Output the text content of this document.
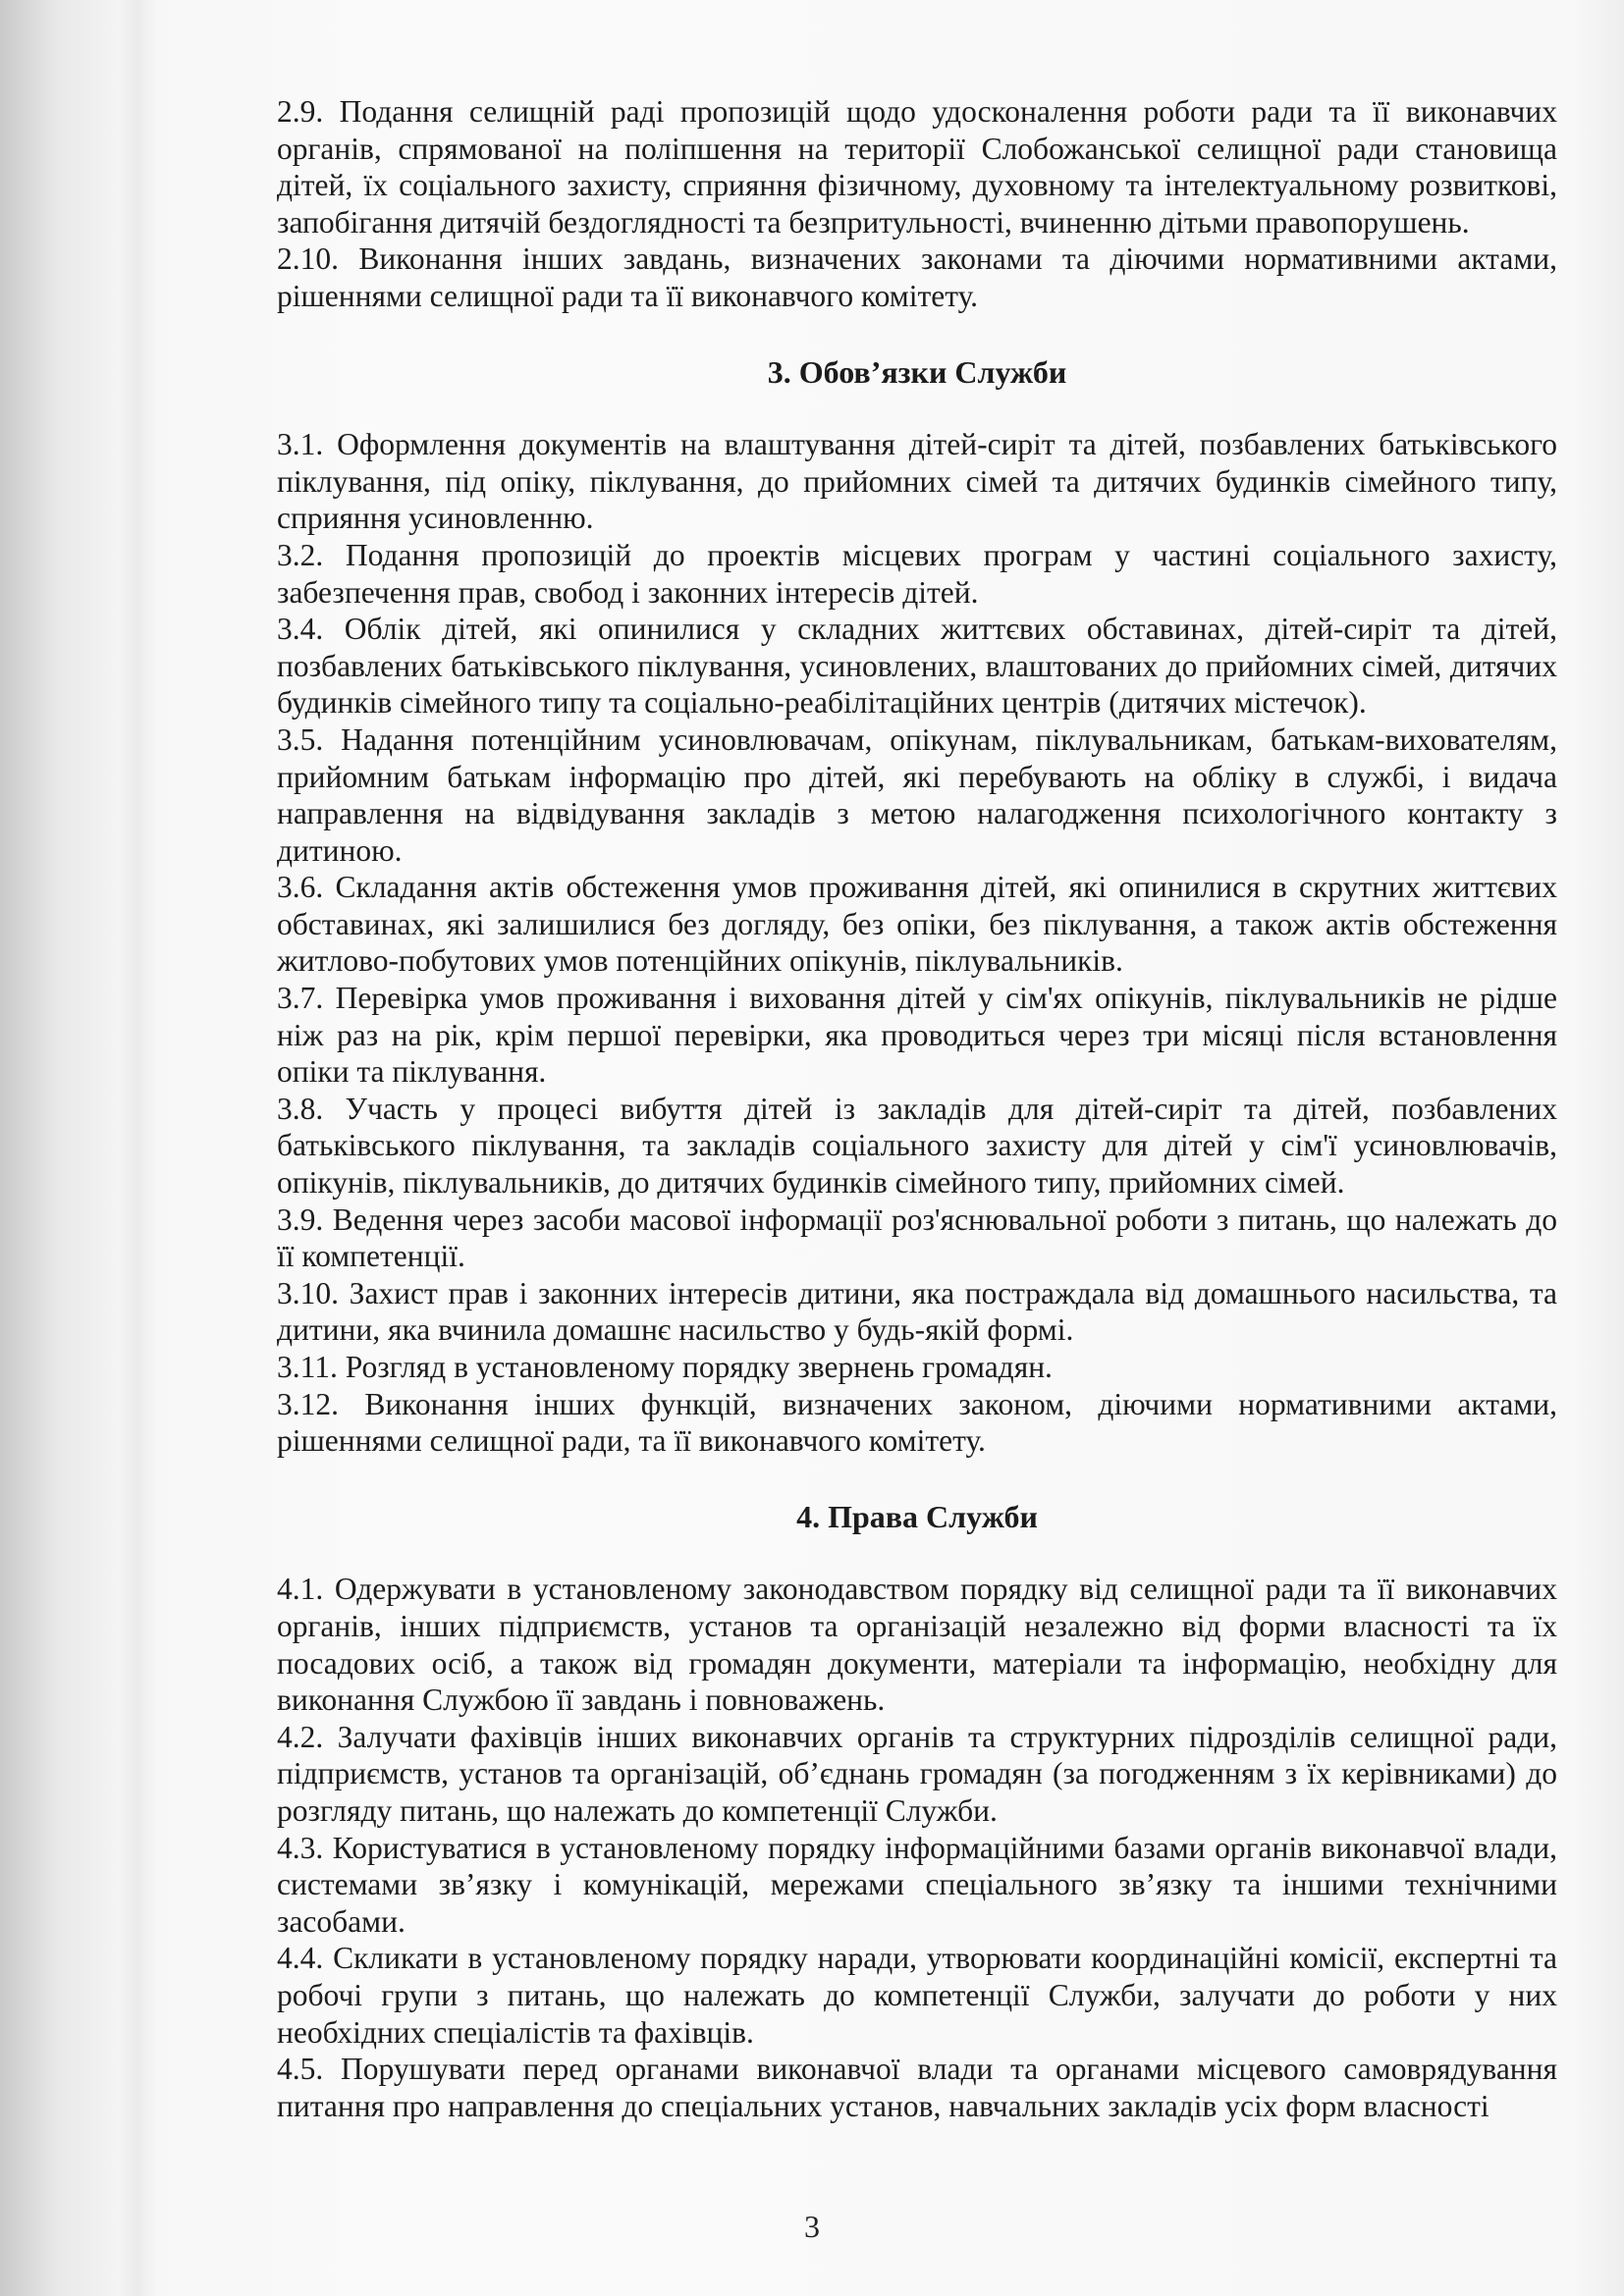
2.9. Подання селищній раді пропозицій щодо удосконалення роботи ради та її виконавчих органів, спрямованої на поліпшення на території Слобожанської селищної ради становища дітей, їх соціального захисту, сприяння фізичному, духовному та інтелектуальному розвиткові, запобігання дитячій бездоглядності та безпритульності, вчиненню дітьми правопорушень.

2.10. Виконання інших завдань, визначених законами та діючими нормативними актами, рішеннями селищної ради та її виконавчого комітету.

3. Обов’язки Служби

3.1. Оформлення документів на влаштування дітей-сиріт та дітей, позбавлених батьківського піклування, під опіку, піклування, до прийомних сімей та дитячих будинків сімейного типу, сприяння усиновленню.

3.2. Подання пропозицій до проектів місцевих програм у частині соціального захисту, забезпечення прав, свобод і законних інтересів дітей.

3.4. Облік дітей, які опинилися у складних життєвих обставинах, дітей-сиріт та дітей, позбавлених батьківського піклування, усиновлених, влаштованих до прийомних сімей, дитячих будинків сімейного типу та соціально-реабілітаційних центрів (дитячих містечок).

3.5. Надання потенційним усиновлювачам, опікунам, піклувальникам, батькам-вихователям, прийомним батькам інформацію про дітей, які перебувають на обліку в службі, і видача направлення на відвідування закладів з метою налагодження психологічного контакту з дитиною.

3.6. Складання актів обстеження умов проживання дітей, які опинилися в скрутних життєвих обставинах, які залишилися без догляду, без опіки, без піклування, а також актів обстеження житлово-побутових умов потенційних опікунів, піклувальників.

3.7. Перевірка умов проживання і виховання дітей у сім'ях опікунів, піклувальників не рідше ніж раз на рік, крім першої перевірки, яка проводиться через три місяці після встановлення опіки та піклування.

3.8. Участь у процесі вибуття дітей із закладів для дітей-сиріт та дітей, позбавлених батьківського піклування, та закладів соціального захисту для дітей у сім'ї усиновлювачів, опікунів, піклувальників, до дитячих будинків сімейного типу, прийомних сімей.

3.9. Ведення через засоби масової інформації роз'яснювальної роботи з питань, що належать до її компетенції.

3.10. Захист прав і законних інтересів дитини, яка постраждала від домашнього насильства, та дитини, яка вчинила домашнє насильство у будь-якій формі.

3.11. Розгляд в установленому порядку звернень громадян.

3.12. Виконання інших функцій, визначених законом, діючими нормативними актами, рішеннями селищної ради, та її виконавчого комітету.

4. Права Служби

4.1. Одержувати в установленому законодавством порядку від селищної ради та її виконавчих органів, інших підприємств, установ та організацій незалежно від форми власності та їх посадових осіб, а також від громадян документи, матеріали та інформацію, необхідну для виконання Службою її завдань і повноважень.

4.2. Залучати фахівців інших виконавчих органів та структурних підрозділів селищної ради, підприємств, установ та організацій, об’єднань громадян (за погодженням з їх керівниками) до розгляду питань, що належать до компетенції Служби.

4.3. Користуватися в установленому порядку інформаційними базами органів виконавчої влади, системами зв’язку і комунікацій, мережами спеціального зв’язку та іншими технічними засобами.

4.4. Скликати в установленому порядку наради, утворювати координаційні комісії, експертні та робочі групи з питань, що належать до компетенції Служби, залучати до роботи у них необхідних спеціалістів та фахівців.

4.5. Порушувати перед органами виконавчої влади та органами місцевого самоврядування питання про направлення до спеціальних установ, навчальних закладів усіх форм власності

3
